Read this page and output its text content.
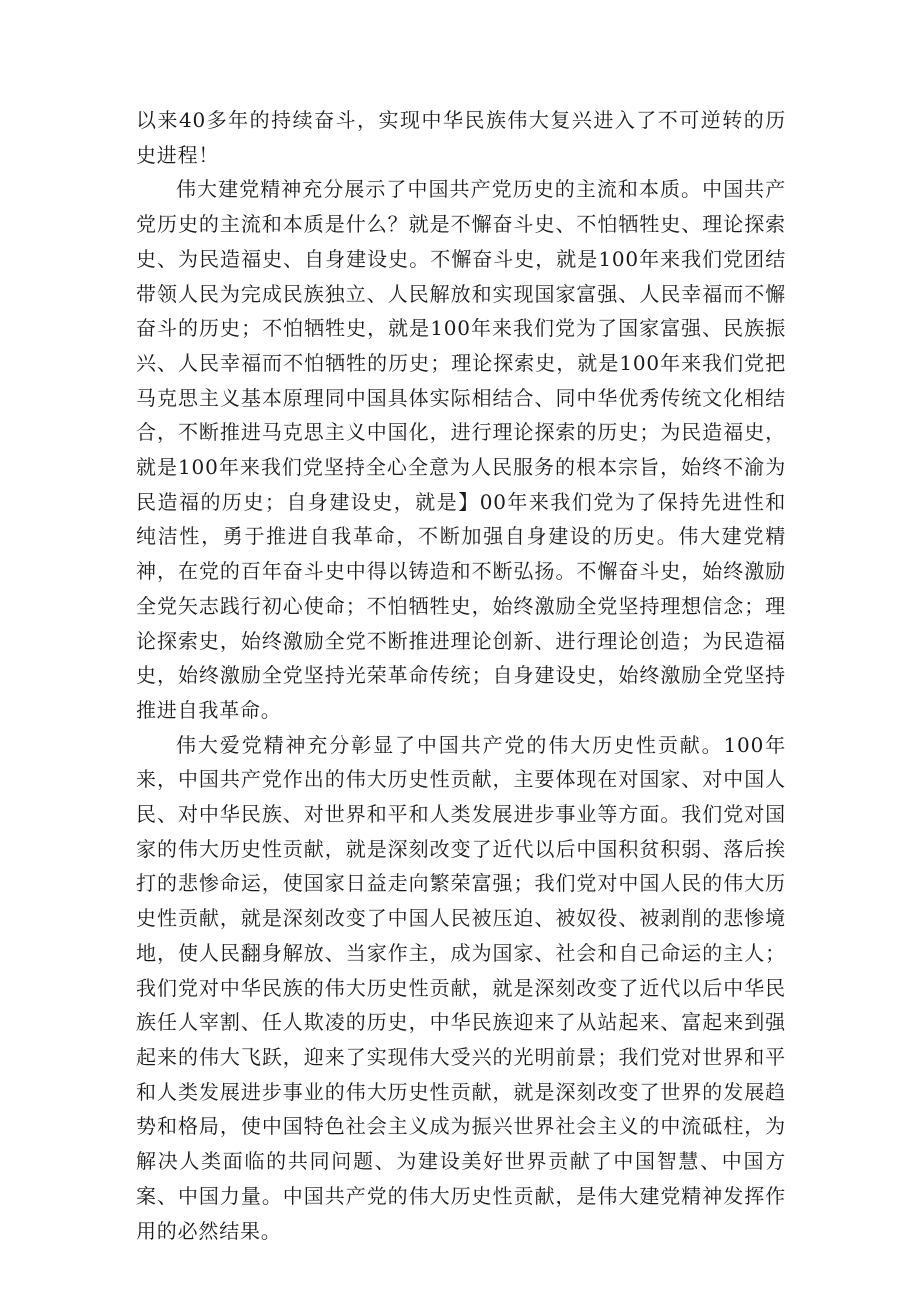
以来40多年的持续奋斗，实现中华民族伟大复兴进入了不可逆转的历史进程！

伟大建党精神充分展示了中国共产党历史的主流和本质。中国共产党历史的主流和本质是什么？就是不懈奋斗史、不怕牺牲史、理论探索史、为民造福史、自身建设史。不懈奋斗史，就是100年来我们党团结带领人民为完成民族独立、人民解放和实现国家富强、人民幸福而不懈奋斗的历史；不怕牺牲史，就是100年来我们党为了国家富强、民族振兴、人民幸福而不怕牺牲的历史；理论探索史，就是100年来我们党把马克思主义基本原理同中国具体实际相结合、同中华优秀传统文化相结合，不断推进马克思主义中国化，进行理论探索的历史；为民造福史，就是100年来我们党坚持全心全意为人民服务的根本宗旨，始终不渝为民造福的历史；自身建设史，就是】00年来我们党为了保持先进性和纯洁性，勇于推进自我革命，不断加强自身建设的历史。伟大建党精神，在党的百年奋斗史中得以铸造和不断弘扬。不懈奋斗史，始终激励全党矢志践行初心使命；不怕牺牲史，始终激励全党坚持理想信念；理论探索史，始终激励全党不断推进理论创新、进行理论创造；为民造福史，始终激励全党坚持光荣革命传统；自身建设史，始终激励全党坚持推进自我革命。

伟大爱党精神充分彰显了中国共产党的伟大历史性贡献。100年来，中国共产党作出的伟大历史性贡献，主要体现在对国家、对中国人民、对中华民族、对世界和平和人类发展进步事业等方面。我们党对国家的伟大历史性贡献，就是深刻改变了近代以后中国积贫积弱、落后挨打的悲惨命运，使国家日益走向繁荣富强；我们党对中国人民的伟大历史性贡献，就是深刻改变了中国人民被压迫、被奴役、被剥削的悲惨境地，使人民翻身解放、当家作主，成为国家、社会和自己命运的主人；我们党对中华民族的伟大历史性贡献，就是深刻改变了近代以后中华民族任人宰割、任人欺凌的历史，中华民族迎来了从站起来、富起来到强起来的伟大飞跃，迎来了实现伟大受兴的光明前景；我们党对世界和平和人类发展进步事业的伟大历史性贡献，就是深刻改变了世界的发展趋势和格局，使中国特色社会主义成为振兴世界社会主义的中流砥柱，为解决人类面临的共同问题、为建设美好世界贡献了中国智慧、中国方案、中国力量。中国共产党的伟大历史性贡献，是伟大建党精神发挥作用的必然结果。
